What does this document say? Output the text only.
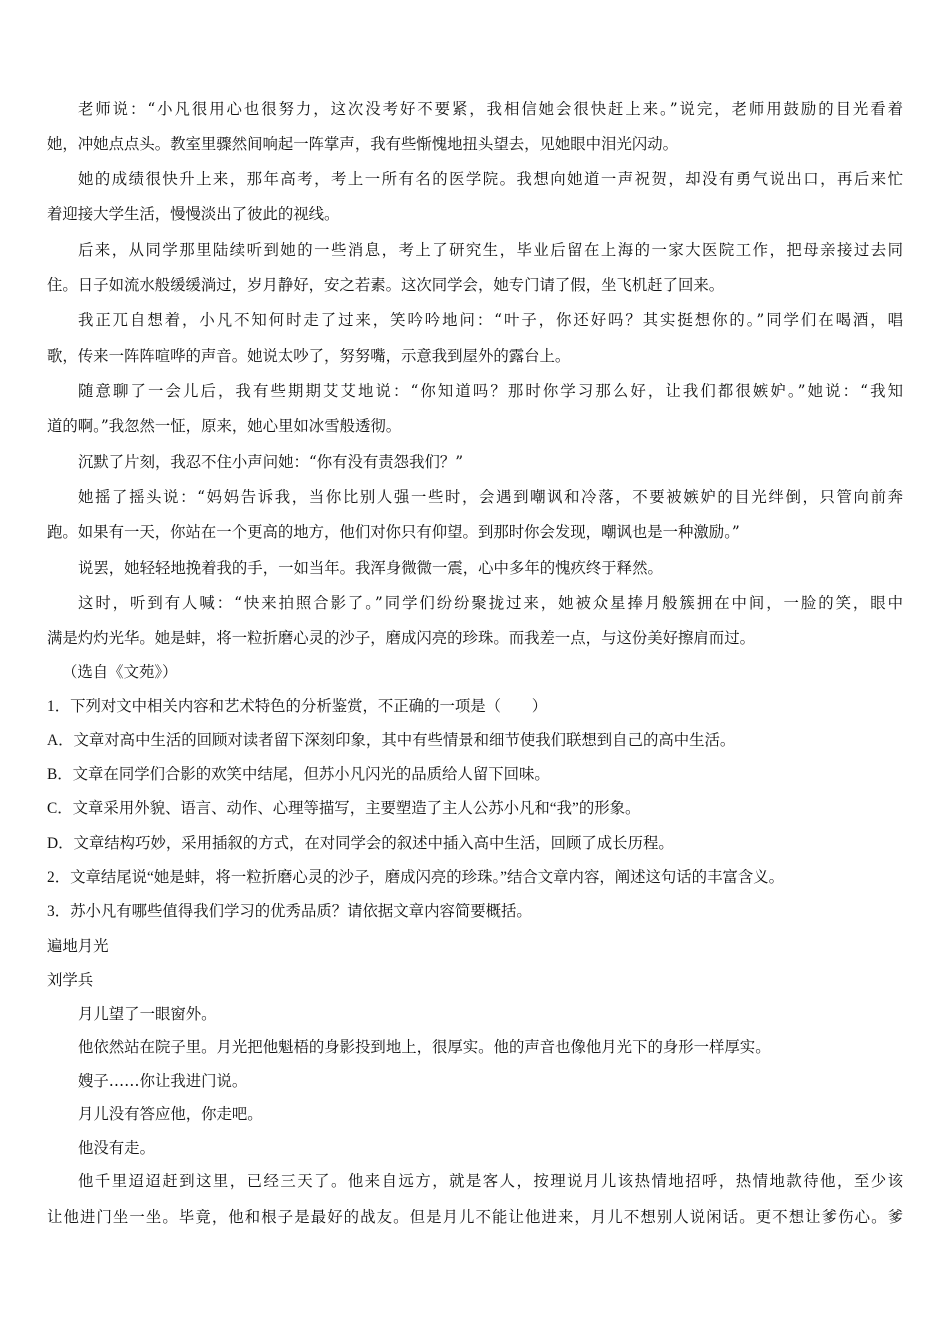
老师说：“小凡很用心也很努力，这次没考好不要紧，我相信她会很快赶上来。”说完，老师用鼓励的目光看着
她，冲她点点头。教室里骤然间响起一阵掌声，我有些惭愧地扭头望去，见她眼中泪光闪动。
她的成绩很快升上来，那年高考，考上一所有名的医学院。我想向她道一声祝贺，却没有勇气说出口，再后来忙
着迎接大学生活，慢慢淡出了彼此的视线。
后来，从同学那里陆续听到她的一些消息，考上了研究生，毕业后留在上海的一家大医院工作，把母亲接过去同
住。日子如流水般缓缓淌过，岁月静好，安之若素。这次同学会，她专门请了假，坐飞机赶了回来。
我正兀自想着，小凡不知何时走了过来，笑吟吟地问：“叶子，你还好吗？其实挺想你的。”同学们在喝酒，唱
歌，传来一阵阵喧哗的声音。她说太吵了，努努嘴，示意我到屋外的露台上。
随意聊了一会儿后，我有些期期艾艾地说：“你知道吗？那时你学习那么好，让我们都很嫉妒。”她说：“我知
道的啊。”我忽然一怔，原来，她心里如冰雪般透彻。
沉默了片刻，我忍不住小声问她：“你有没有责怨我们？”
她摇了摇头说：“妈妈告诉我，当你比别人强一些时，会遇到嘲讽和冷落，不要被嫉妒的目光绊倒，只管向前奔
跑。如果有一天，你站在一个更高的地方，他们对你只有仰望。到那时你会发现，嘲讽也是一种激励。”
说罢，她轻轻地挽着我的手，一如当年。我浑身微微一震，心中多年的愧疚终于释然。
这时，听到有人喊：“快来拍照合影了。”同学们纷纷聚拢过来，她被众星捧月般簇拥在中间，一脸的笑，眼中
满是灼灼光华。她是蚌，将一粒折磨心灵的沙子，磨成闪亮的珍珠。而我差一点，与这份美好擦肩而过。
（选自《文苑》）
1．下列对文中相关内容和艺术特色的分析鉴赏，不正确的一项是（　　）
A．文章对高中生活的回顾对读者留下深刻印象，其中有些情景和细节使我们联想到自己的高中生活。
B．文章在同学们合影的欢笑中结尾，但苏小凡闪光的品质给人留下回味。
C．文章采用外貌、语言、动作、心理等描写，主要塑造了主人公苏小凡和“我”的形象。
D．文章结构巧妙，采用插叙的方式，在对同学会的叙述中插入高中生活，回顾了成长历程。
2．文章结尾说“她是蚌，将一粒折磨心灵的沙子，磨成闪亮的珍珠。”结合文章内容，阐述这句话的丰富含义。
3．苏小凡有哪些值得我们学习的优秀品质？请依据文章内容简要概括。
遍地月光
刘学兵
月儿望了一眼窗外。
他依然站在院子里。月光把他魁梧的身影投到地上，很厚实。他的声音也像他月光下的身形一样厚实。
嫂子……你让我进门说。
月儿没有答应他，你走吧。
他没有走。
他千里迢迢赶到这里，已经三天了。他来自远方，就是客人，按理说月儿该热情地招呼，热情地款待他，至少该
让他进门坐一坐。毕竟，他和根子是最好的战友。但是月儿不能让他进来，月儿不想别人说闲话。更不想让爹伤心。爹
